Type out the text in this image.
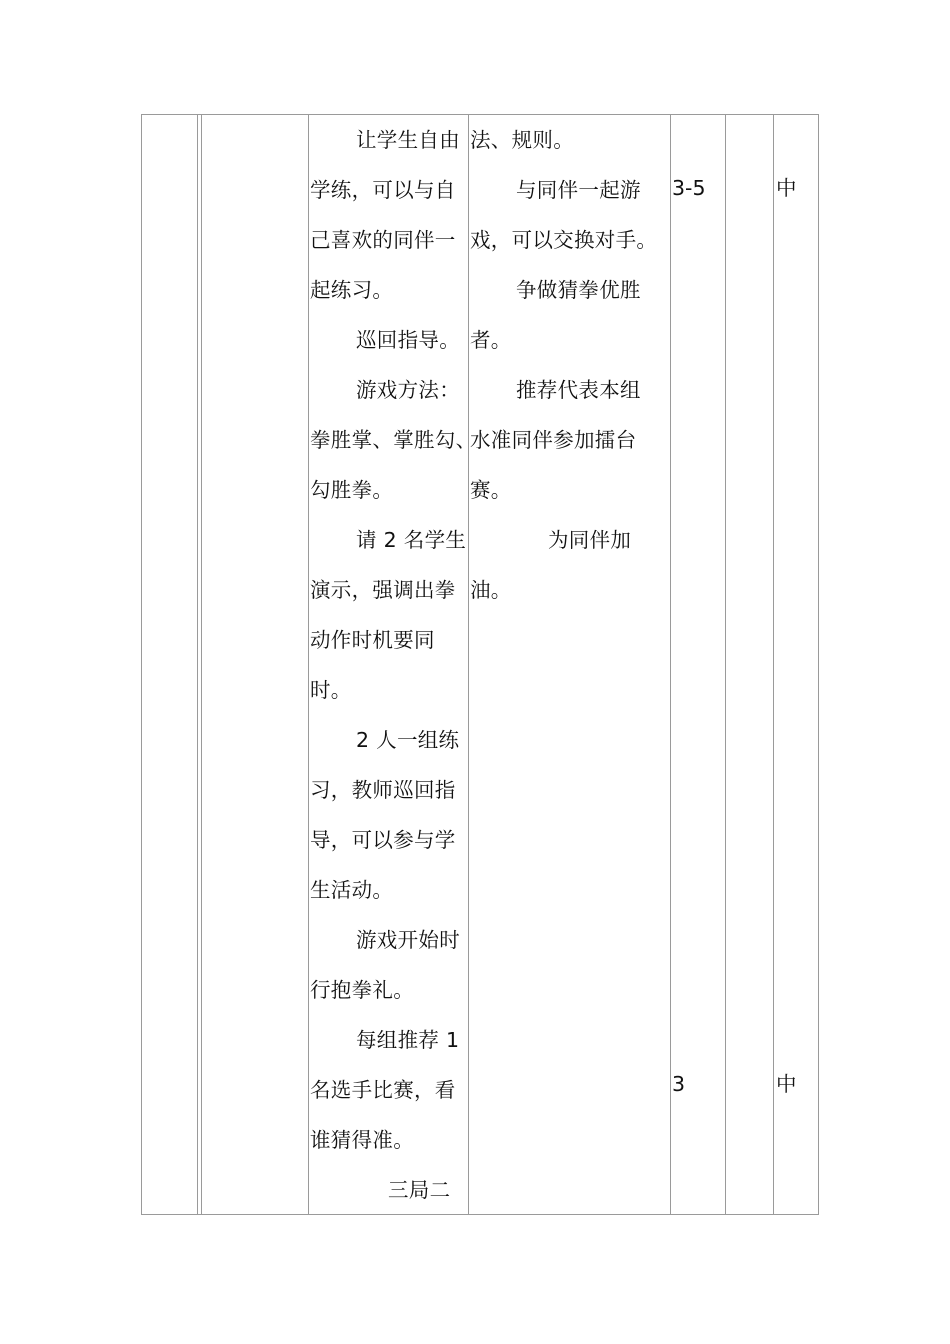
让学生自由
学练，可以与自
己喜欢的同伴一
起练习。
巡回指导。
游戏方法：
拳胜掌、掌胜勾、
勾胜拳。
请 2 名学生
演示，强调出拳
动作时机要同
时。
2 人一组练
习，教师巡回指
导，可以参与学
生活动。
游戏开始时
行抱拳礼。
每组推荐 1
名选手比赛，看
谁猜得准。
三局二
法、规则。
与同伴一起游
戏，可以交换对手。
争做猜拳优胜
者。
推荐代表本组
水准同伴参加擂台
赛。
为同伴加
油。
3-5	中
3	中
